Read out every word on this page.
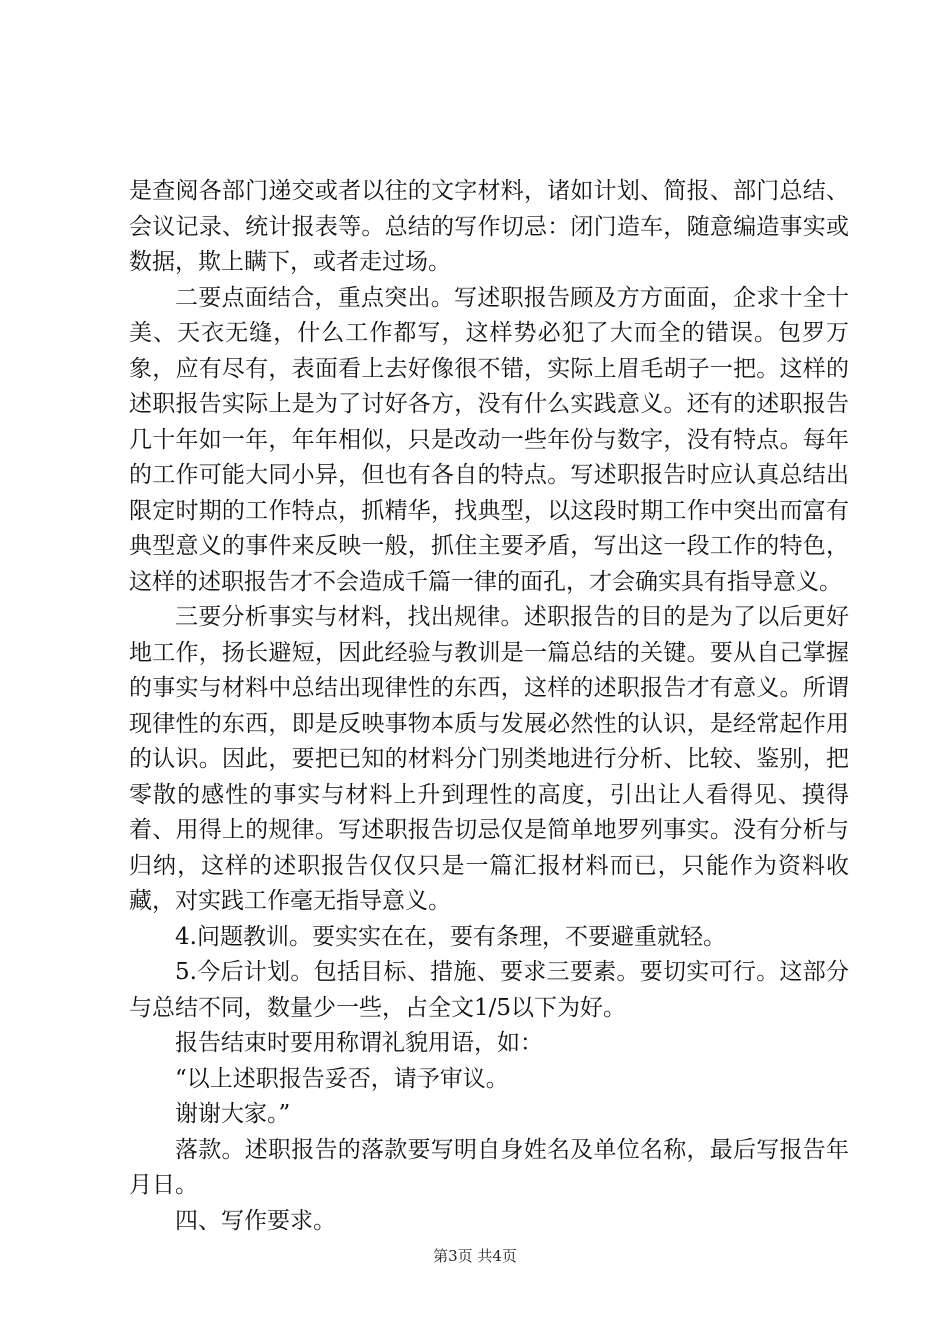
是查阅各部门递交或者以往的文字材料，诸如计划、简报、部门总结、会议记录、统计报表等。总结的写作切忌：闭门造车，随意编造事实或数据，欺上瞒下，或者走过场。

二要点面结合，重点突出。写述职报告顾及方方面面，企求十全十美、天衣无缝，什么工作都写，这样势必犯了大而全的错误。包罗万象，应有尽有，表面看上去好像很不错，实际上眉毛胡子一把。这样的述职报告实际上是为了讨好各方，没有什么实践意义。还有的述职报告几十年如一年，年年相似，只是改动一些年份与数字，没有特点。每年的工作可能大同小异，但也有各自的特点。写述职报告时应认真总结出限定时期的工作特点，抓精华，找典型，以这段时期工作中突出而富有典型意义的事件来反映一般，抓住主要矛盾，写出这一段工作的特色，这样的述职报告才不会造成千篇一律的面孔，才会确实具有指导意义。

三要分析事实与材料，找出规律。述职报告的目的是为了以后更好地工作，扬长避短，因此经验与教训是一篇总结的关键。要从自己掌握的事实与材料中总结出现律性的东西，这样的述职报告才有意义。所谓现律性的东西，即是反映事物本质与发展必然性的认识，是经常起作用的认识。因此，要把已知的材料分门别类地进行分析、比较、鉴别，把零散的感性的事实与材料上升到理性的高度，引出让人看得见、摸得着、用得上的规律。写述职报告切忌仅是简单地罗列事实。没有分析与归纳，这样的述职报告仅仅只是一篇汇报材料而已，只能作为资料收藏，对实践工作毫无指导意义。

4.问题教训。要实实在在，要有条理，不要避重就轻。

5.今后计划。包括目标、措施、要求三要素。要切实可行。这部分与总结不同，数量少一些，占全文1/5以下为好。

报告结束时要用称谓礼貌用语，如：

“以上述职报告妥否，请予审议。

谢谢大家。”

落款。述职报告的落款要写明自身姓名及单位名称，最后写报告年月日。

四、写作要求。

第3页 共4页
